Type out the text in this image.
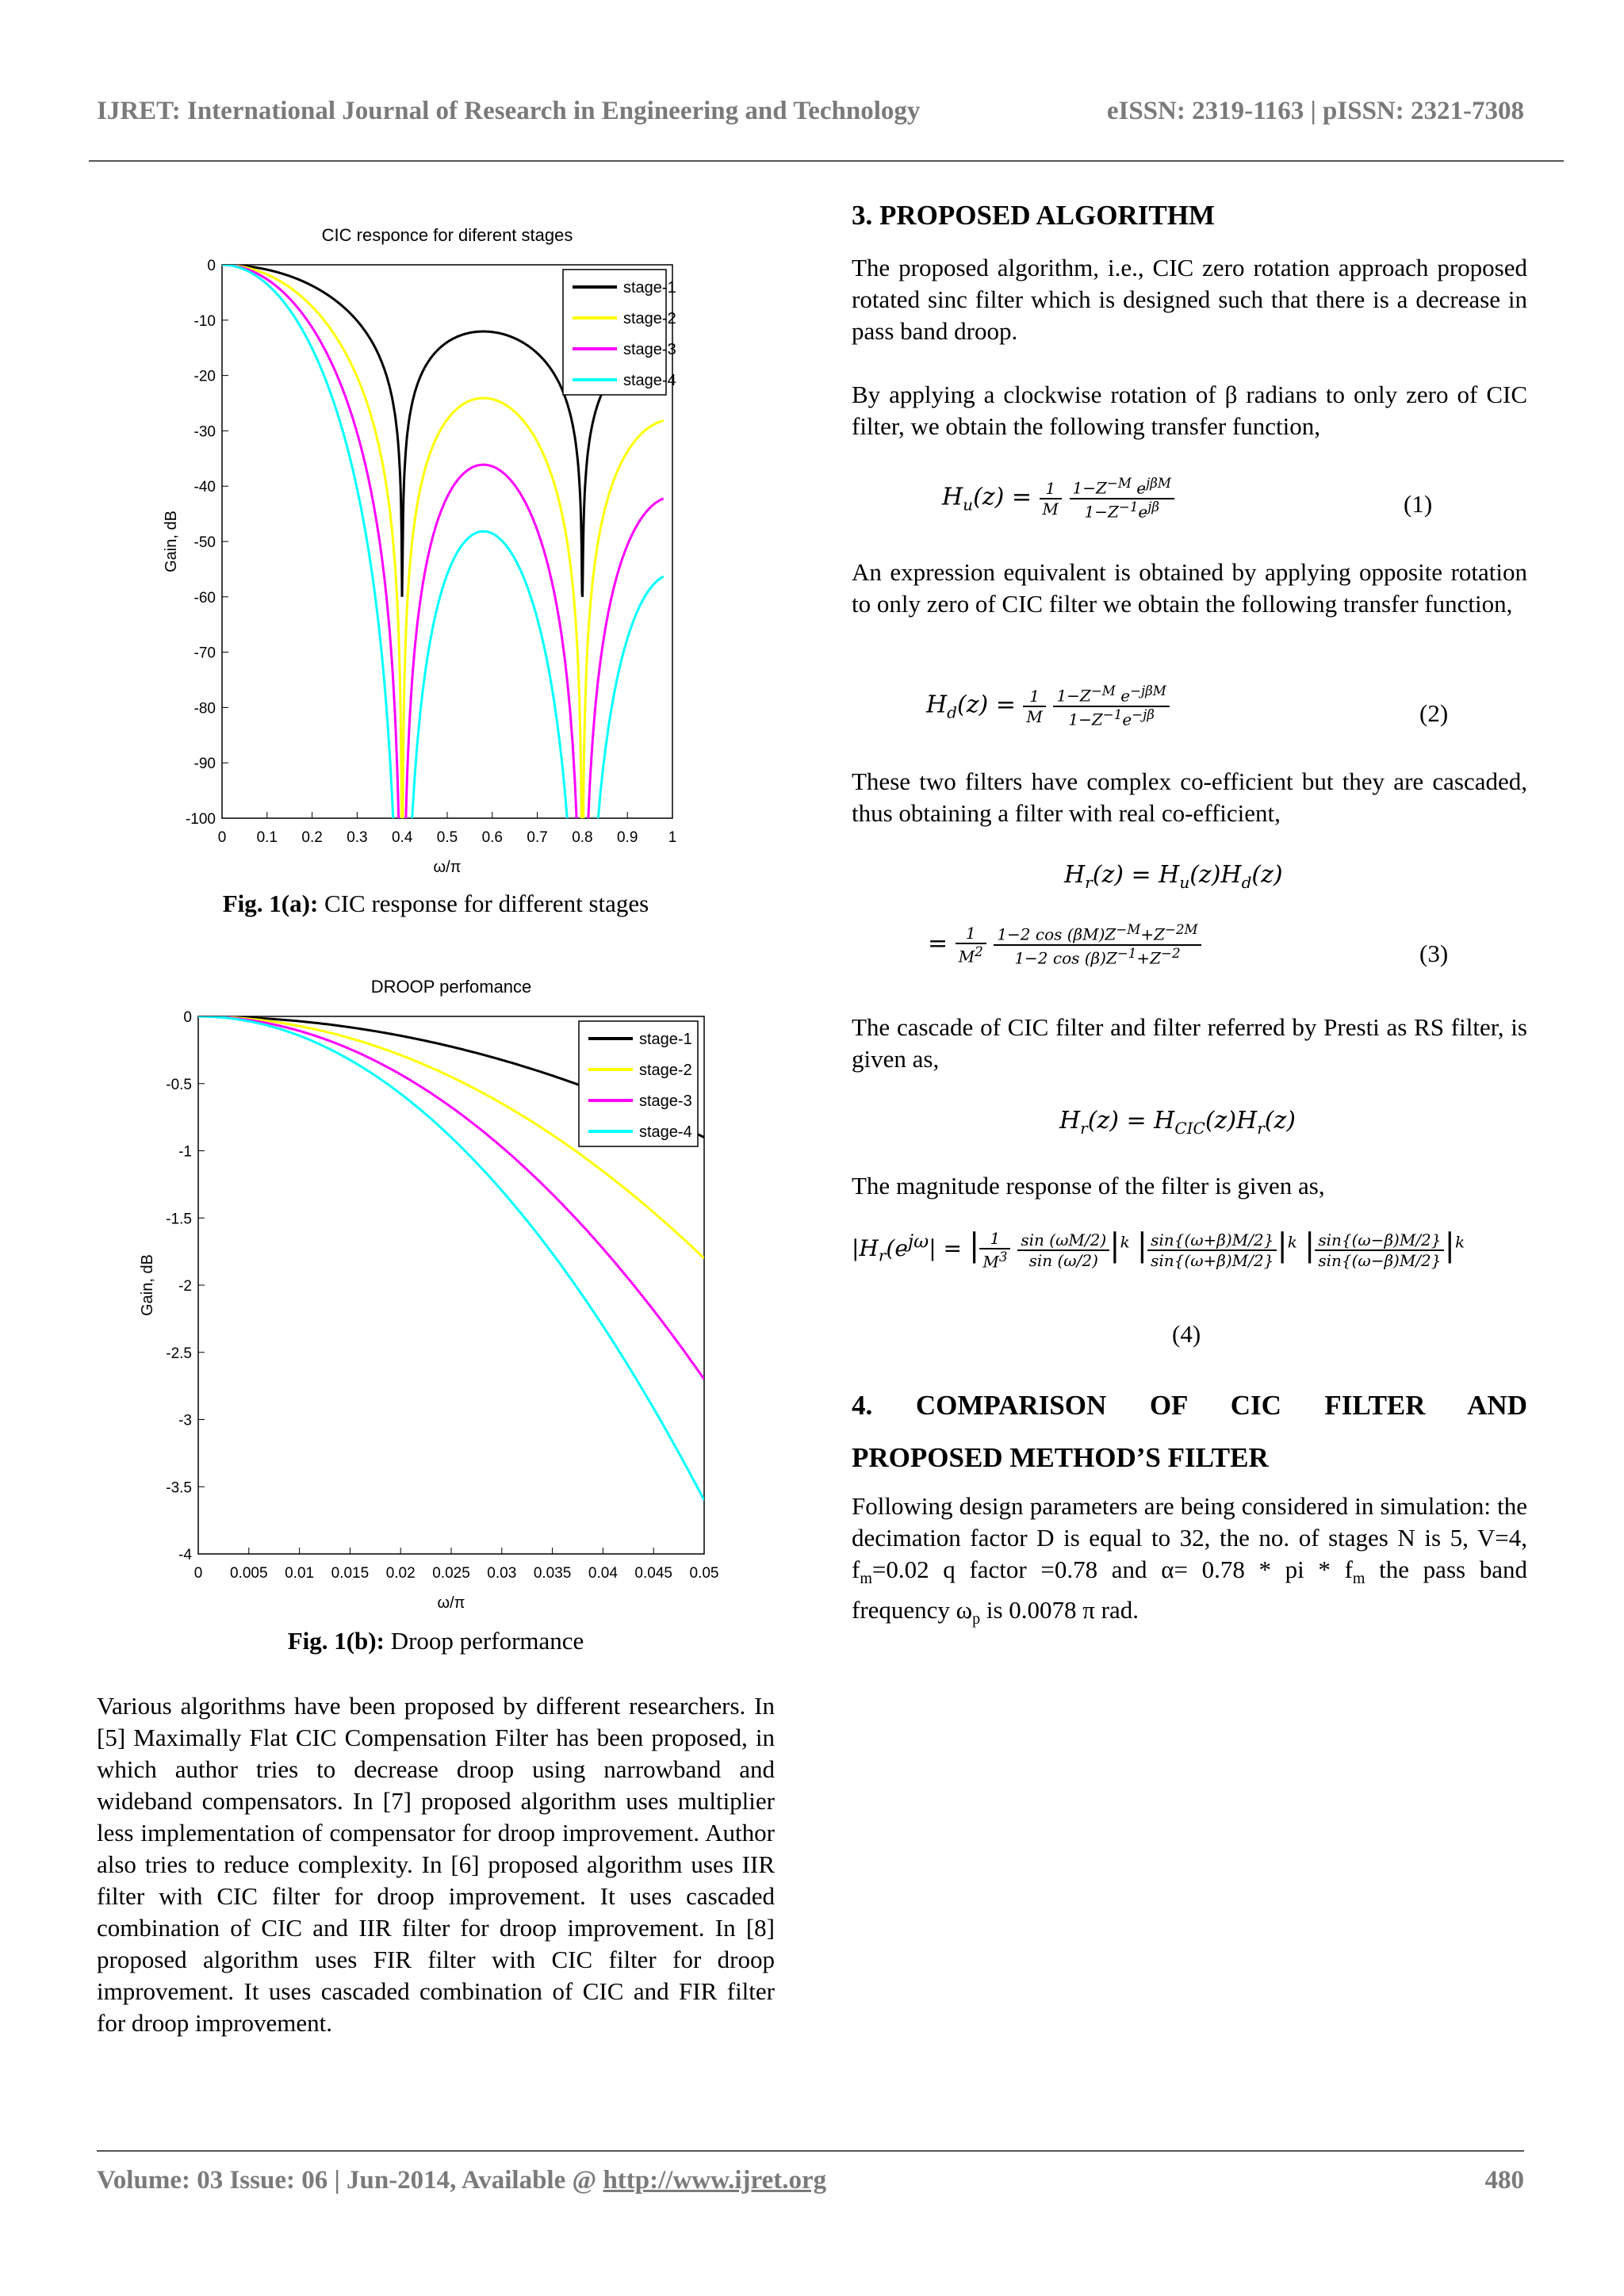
IJRET: International Journal of Research in Engineering and Technology	eISSN: 2319-1163 | pISSN: 2321-7308
CIC responce for diferent stages
0 0.1 0.2 0.3 0.4 0.5 0.6 0.7 0.8 0.9 1
0
-10
-20
-30
-40
-50
-60
-70
-80
-90
-100
ω/π
Gain, dB
stage-1
stage-2
stage-3
stage-4
Fig. 1(a): CIC response for different stages
DROOP perfomance
0 0.005 0.01 0.015 0.02 0.025 0.03 0.035 0.04 0.045 0.05
0
-0.5
-1
-1.5
-2
-2.5
-3
-3.5
-4
ω/π
Gain, dB
stage-1
stage-2
stage-3
stage-4
Fig. 1(b): Droop performance

Various algorithms have been proposed by different researchers. In [5] Maximally Flat CIC Compensation Filter has been proposed, in which author tries to decrease droop using narrowband and wideband compensators. In [7] proposed algorithm uses multiplier less implementation of compensator for droop improvement. Author also tries to reduce complexity. In [6] proposed algorithm uses IIR filter with CIC filter for droop improvement. It uses cascaded combination of CIC and IIR filter for droop improvement. In [8] proposed algorithm uses FIR filter with CIC filter for droop improvement. It uses cascaded combination of CIC and FIR filter for droop improvement.

3. PROPOSED ALGORITHM

The proposed algorithm, i.e., CIC zero rotation approach proposed rotated sinc filter which is designed such that there is a decrease in pass band droop.

By applying a clockwise rotation of β radians to only zero of CIC filter, we obtain the following transfer function,

$H_u(z) = \frac{1}{M}$
$\frac{1-Z^{-M} e^{j\beta M}}{1-Z^{-1}e^{j\beta}}$	(1)

An expression equivalent is obtained by applying opposite rotation to only zero of CIC filter we obtain the following transfer function,

$H_d(z) = \frac{1}{M}$
$\frac{1-Z^{-M} e^{-j\beta M}}{1-Z^{-1}e^{-j\beta}}$	(2)

These two filters have complex co-efficient but they are cascaded, thus obtaining a filter with real co-efficient,

$H_r(z) = H_u(z)H_d(z)$
= $\frac{1}{M^2}$
$\frac{1-2 \cos (\beta M)Z^{-M}+Z^{-2M}}{1-2 \cos (\beta)Z^{-1}+Z^{-2}}$	(3)

The cascade of CIC filter and filter referred by Presti as RS filter, is given as,

$H_r(z) = H_{CIC}(z)H_r(z)$

The magnitude response of the filter is given as,

$|H_r(e^{j\omega}|$ = | $\frac{1}{M^3}$
$\frac{\sin (\omega M/2)}{\sin (\omega/2)} |^k$ | $\frac{\sin\{(\omega+\beta)M/2\}}{\sin\{(\omega+\beta)M/2\}} |^k$ | $\frac{\sin\{(\omega-\beta)M/2\}}{\sin\{(\omega-\beta)M/2\}} |^k$
(4)

4. COMPARISON OF CIC FILTER AND

PROPOSED METHOD’S FILTER

Following design parameters are being considered in simulation: the decimation factor D is equal to 32, the no. of stages N is 5, V=4, $f_m=0.02$ q factor =0.78 and α= 0.78 * pi * $f_m$ the pass band frequency $\omega_p$ is 0.0078 π rad.

Volume: 03 Issue: 06 | Jun-2014, Available @ http://www.ijret.org	480
